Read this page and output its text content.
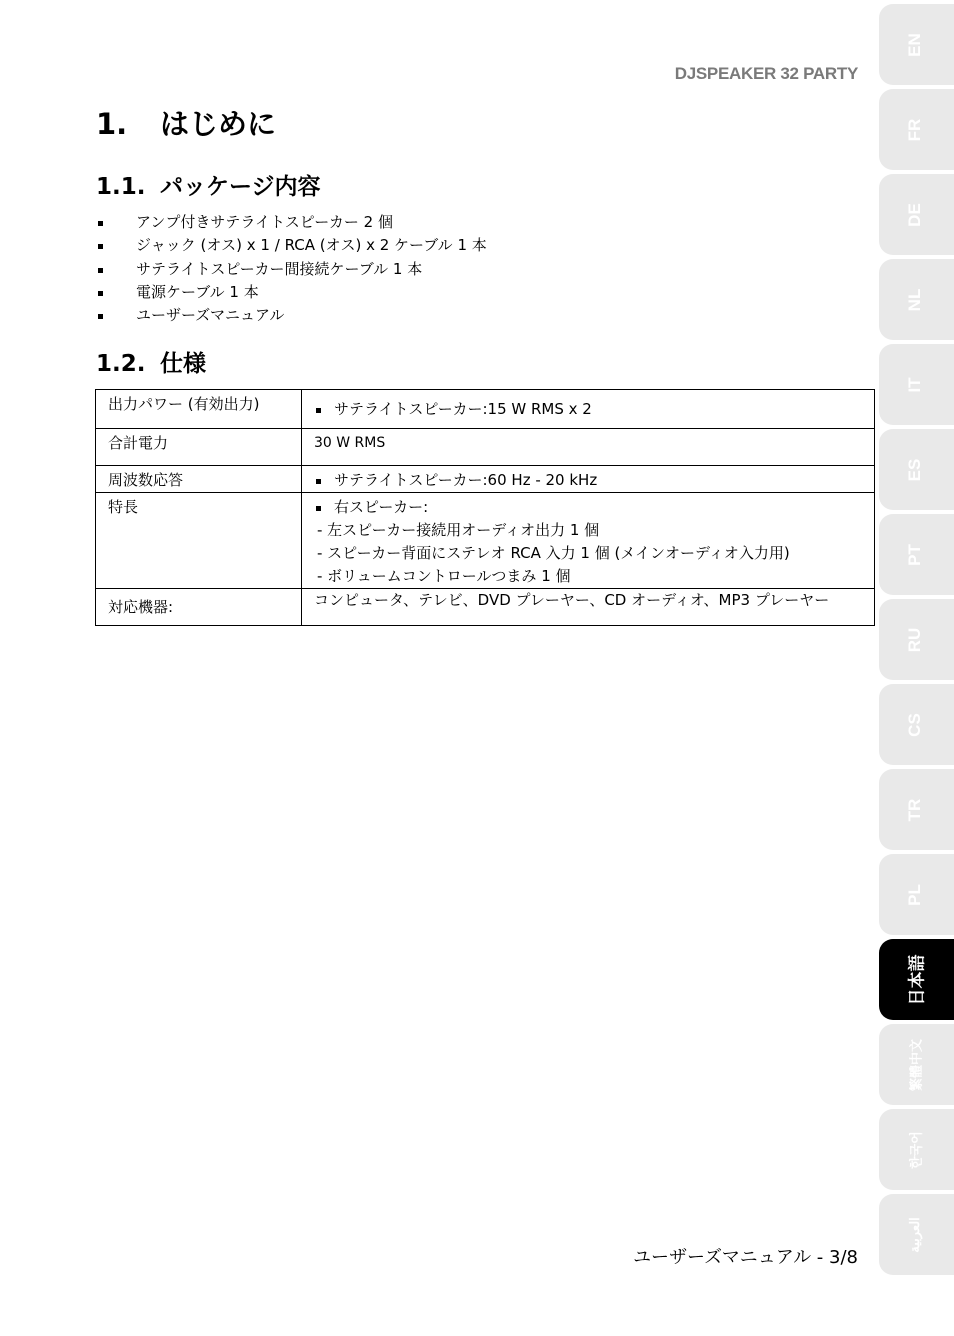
DJSPEAKER 32 PARTY
1. はじめに
1.1. パッケージ内容
アンプ付きサテライトスピーカー 2 個
ジャック (オス) x 1 / RCA (オス) x 2 ケーブル 1 本
サテライトスピーカー間接続ケーブル 1 本
電源ケーブル 1 本
ユーザーズマニュアル
1.2. 仕様
出力パワー (有効出力)	サテライトスピーカー:15 W RMS x 2

合計電力	30 W RMS
周波数応答	サテライトスピーカー:60 Hz - 20 kHz

特長	右スピーカー:
- 左スピーカー接続用オーディオ出力 1 個
- スピーカー背面にステレオ RCA 入力 1 個 (メインオーディオ入力用)
- ボリュームコントロールつまみ 1 個

対応機器:	コンピュータ、テレビ、DVD プレーヤー、CD オーディオ、MP3 プレーヤー
EN
FR
DE
NL
IT
ES
PT
RU
CS
TR
PL
日本語
繁體中文
한국어
العربية
ユーザーズマニュアル - 3/8
